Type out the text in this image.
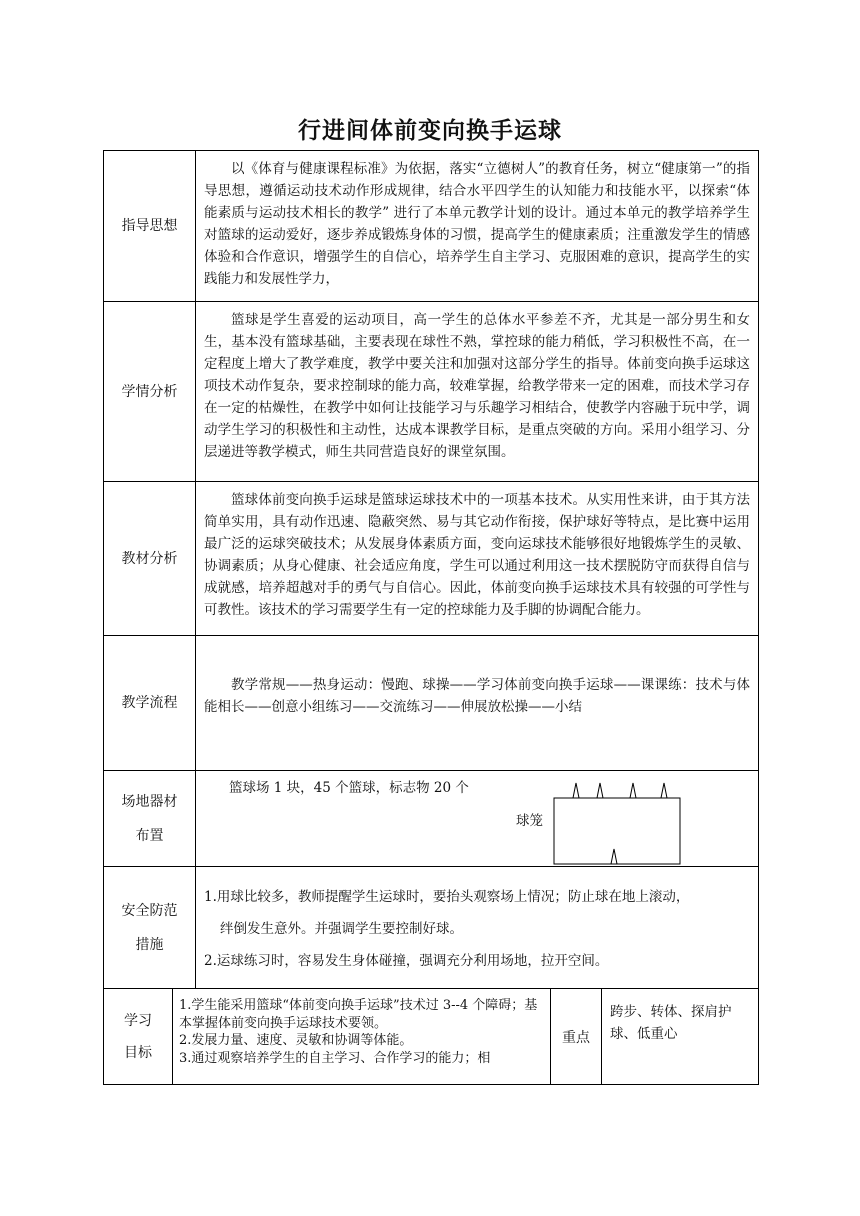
行进间体前变向换手运球
指导思想

以《体育与健康课程标准》为依据，落实“立德树人”的教育任务，树立“健康第一”的指导思想，遵循运动技术动作形成规律，结合水平四学生的认知能力和技能水平，以探索“体能素质与运动技术相长的教学” 进行了本单元教学计划的设计。通过本单元的教学培养学生对篮球的运动爱好，逐步养成锻炼身体的习惯，提高学生的健康素质；注重激发学生的情感体验和合作意识，增强学生的自信心，培养学生自主学习、克服困难的意识，提高学生的实践能力和发展性学力，

学情分析

篮球是学生喜爱的运动项目，高一学生的总体水平参差不齐，尤其是一部分男生和女生，基本没有篮球基础，主要表现在球性不熟，掌控球的能力稍低，学习积极性不高，在一定程度上增大了教学难度，教学中要关注和加强对这部分学生的指导。体前变向换手运球这项技术动作复杂，要求控制球的能力高，较难掌握，给教学带来一定的困难，而技术学习存在一定的枯燥性，在教学中如何让技能学习与乐趣学习相结合，使教学内容融于玩中学，调动学生学习的积极性和主动性，达成本课教学目标，是重点突破的方向。采用小组学习、分层递进等教学模式，师生共同营造良好的课堂氛围。

教材分析

篮球体前变向换手运球是篮球运球技术中的一项基本技术。从实用性来讲，由于其方法简单实用，具有动作迅速、隐蔽突然、易与其它动作衔接，保护球好等特点，是比赛中运用最广泛的运球突破技术；从发展身体素质方面，变向运球技术能够很好地锻炼学生的灵敏、协调素质；从身心健康、社会适应角度，学生可以通过利用这一技术摆脱防守而获得自信与成就感，培养超越对手的勇气与自信心。因此，体前变向换手运球技术具有较强的可学性与可教性。该技术的学习需要学生有一定的控球能力及手脚的协调配合能力。

教学流程

教学常规——热身运动：慢跑、球操——学习体前变向换手运球——课课练：技术与体能相长——创意小组练习——交流练习——伸展放松操——小结

场地器材
布置
篮球场 1 块，45 个篮球，标志物 20 个
球笼
安全防范
措施

1.用球比较多，教师提醒学生运球时，要抬头观察场上情况；防止球在地上滚动，

绊倒发生意外。并强调学生要控制好球。

2.运球练习时，容易发生身体碰撞，强调充分利用场地，拉开空间。

学习
目标
1.学生能采用篮球“体前变向换手运球”技术过 3--4 个障碍；基本掌握体前变向换手运球技术要领。
2.发展力量、速度、灵敏和协调等体能。
3.通过观察培养学生的自主学习、合作学习的能力；相
重点
跨步、转体、探肩护球、低重心
